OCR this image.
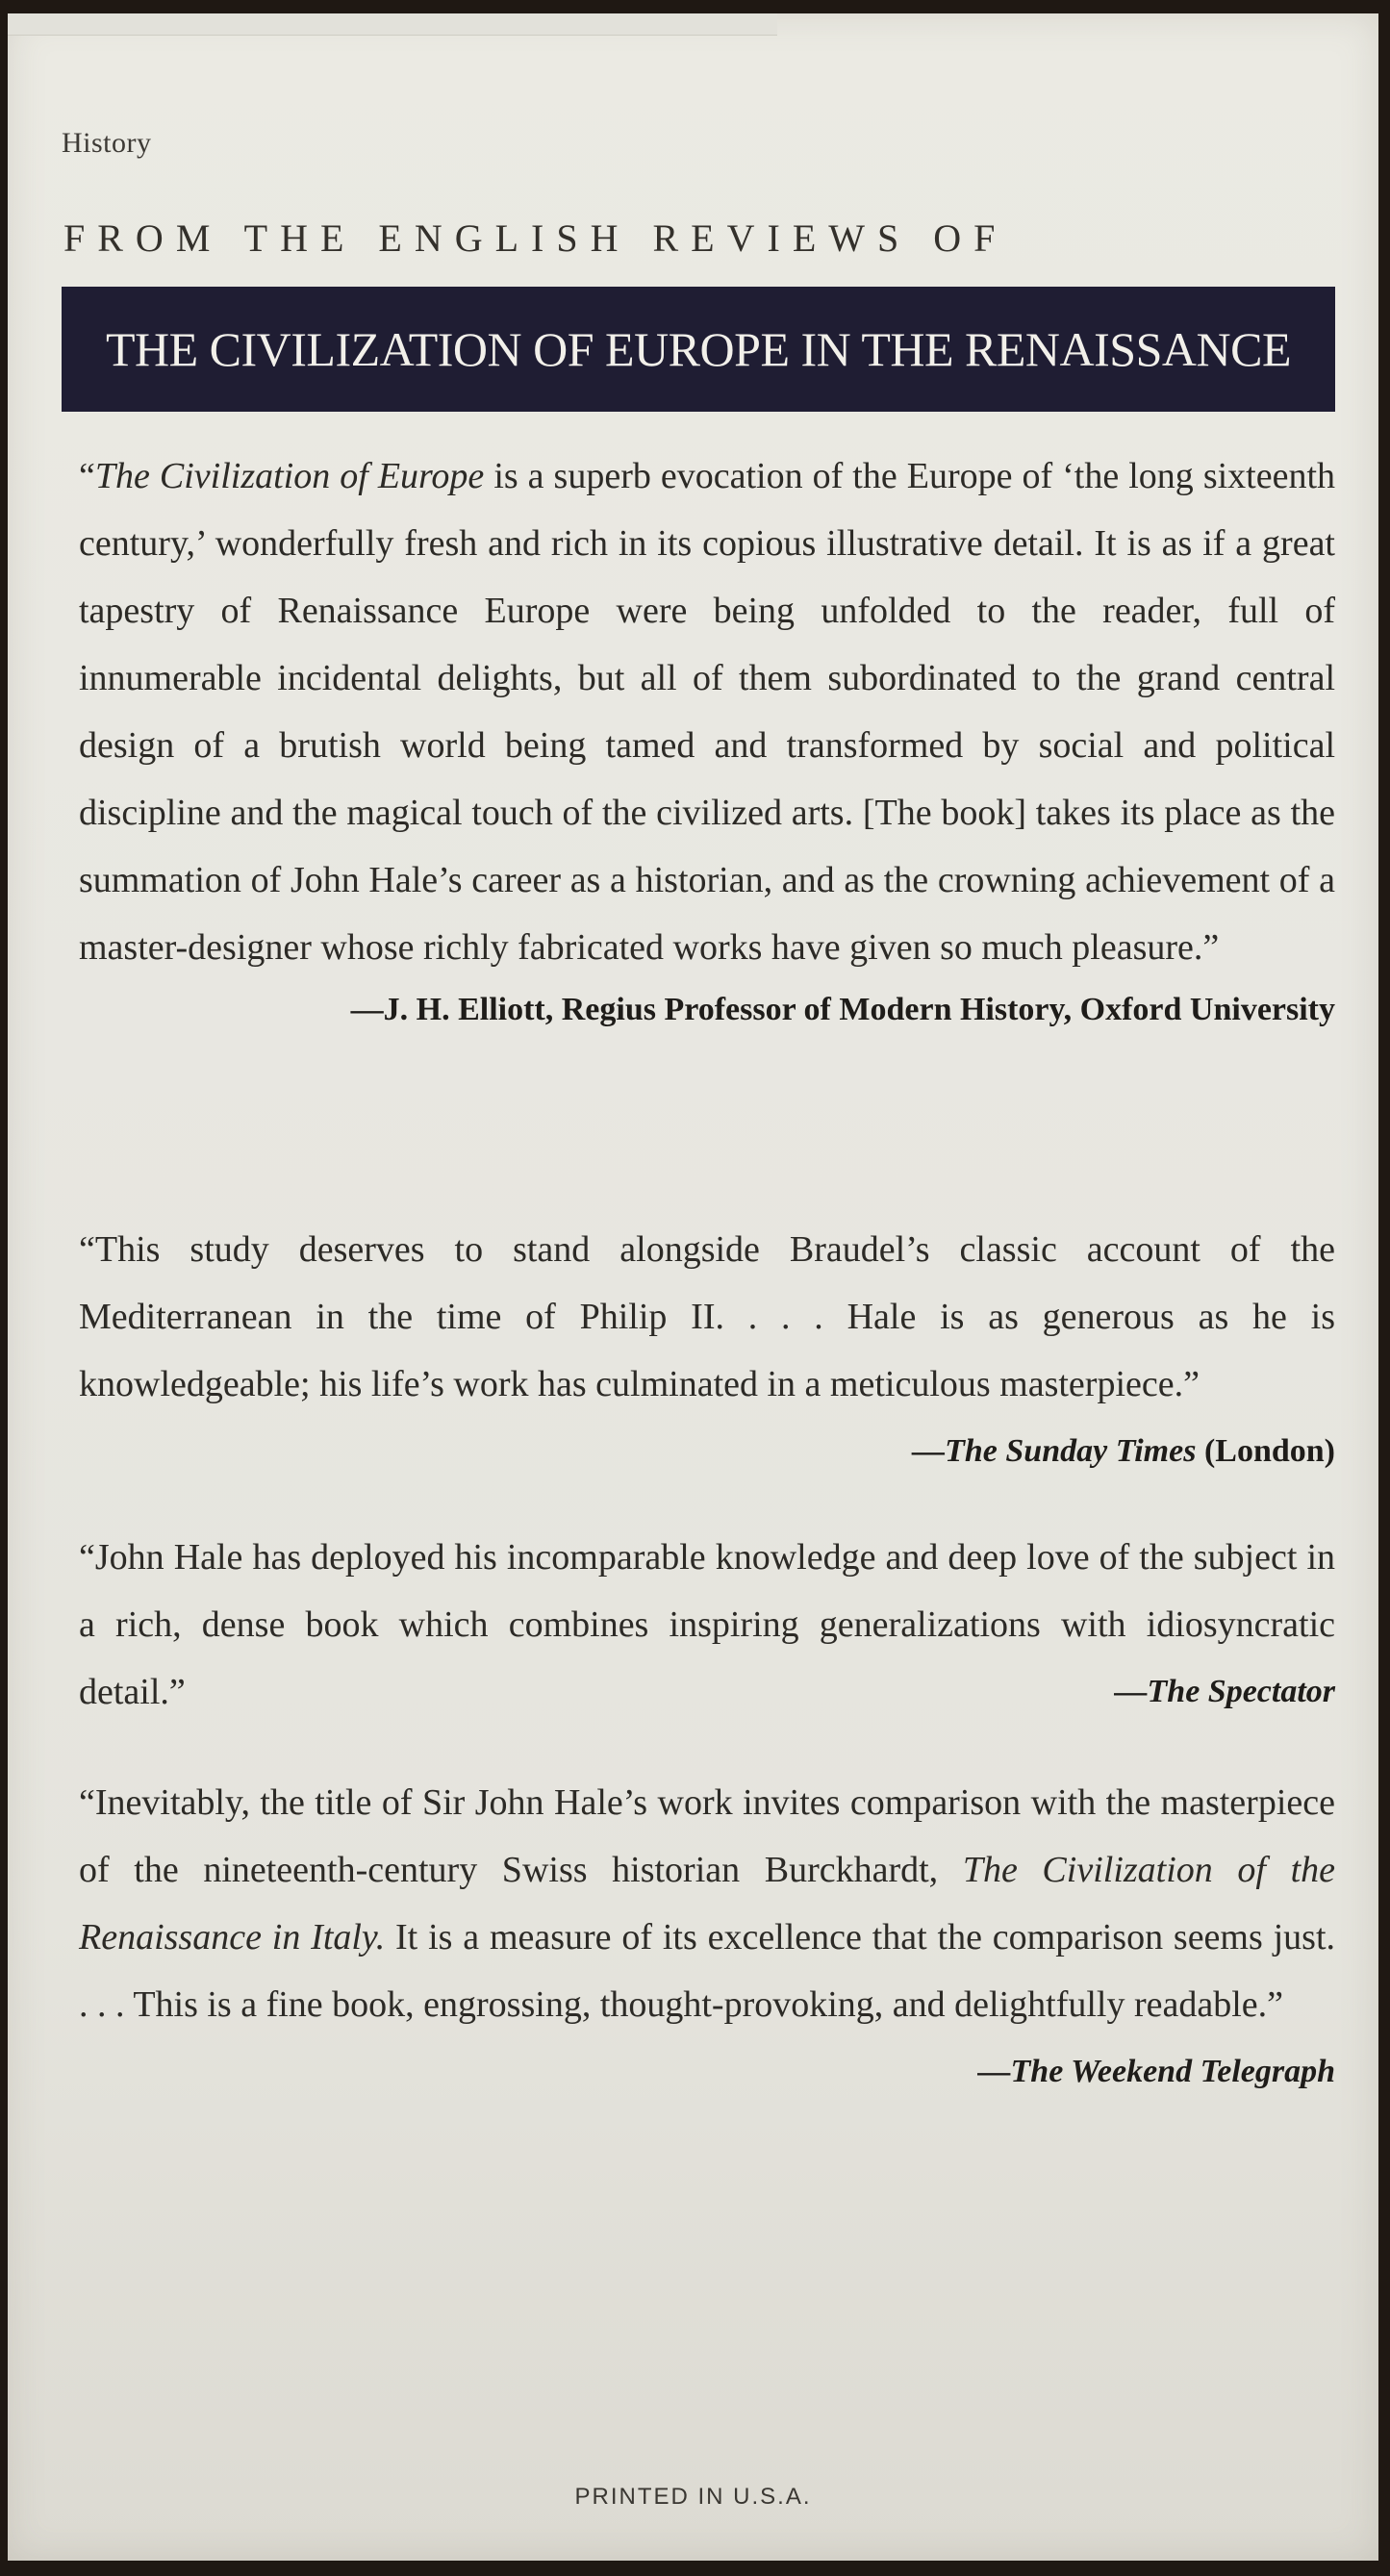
History
FROM THE ENGLISH REVIEWS OF
THE CIVILIZATION OF EUROPE IN THE RENAISSANCE
“The Civilization of Europe is a superb evocation of the Europe of ‘the long sixteenth century,’ wonderfully fresh and rich in its copious illustrative detail. It is as if a great tapestry of Renaissance Europe were being unfolded to the reader, full of innumerable incidental delights, but all of them subordinated to the grand central design of a brutish world being tamed and transformed by social and political discipline and the magical touch of the civilized arts. [The book] takes its place as the summation of John Hale’s career as a historian, and as the crowning achievement of a master-designer whose richly fabricated works have given so much pleasure.”
—J. H. Elliott, Regius Professor of Modern History, Oxford University
“This study deserves to stand alongside Braudel’s classic account of the Mediterranean in the time of Philip II. . . . Hale is as generous as he is knowledgeable; his life’s work has culminated in a meticulous masterpiece.”
—The Sunday Times (London)
“John Hale has deployed his incomparable knowledge and deep love of the subject in a rich, dense book which combines inspiring generalizations with idiosyncratic detail.”	—The Spectator
“Inevitably, the title of Sir John Hale’s work invites comparison with the masterpiece of the nineteenth-century Swiss historian Burckhardt, The Civilization of the Renaissance in Italy. It is a measure of its excellence that the comparison seems just. . . . This is a fine book, engrossing, thought-provoking, and delightfully readable.”
—The Weekend Telegraph
PRINTED IN U.S.A.
